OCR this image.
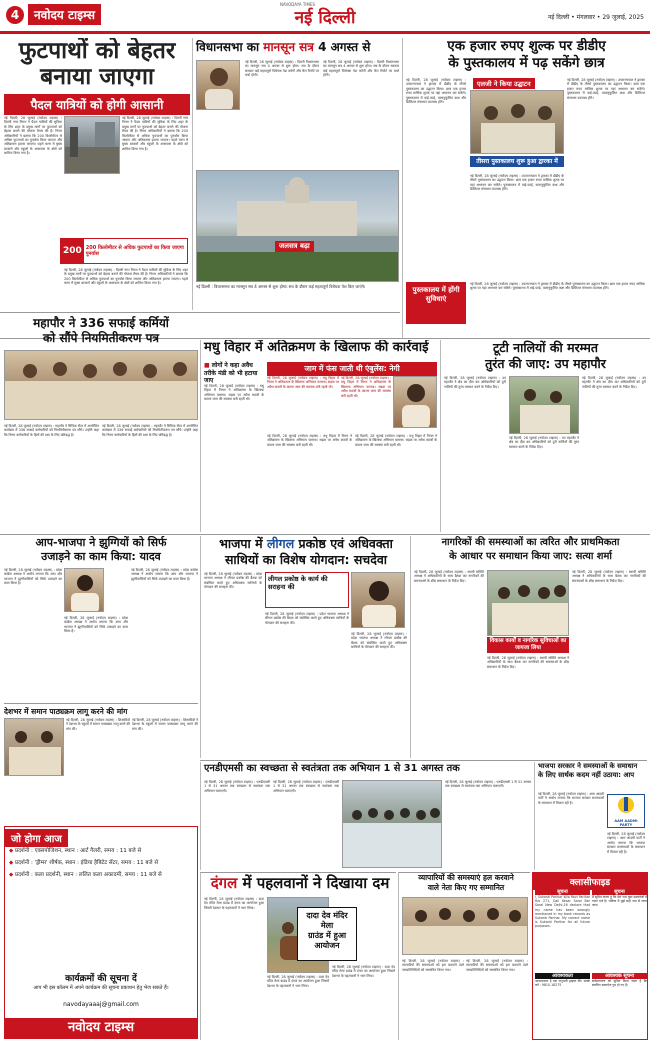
4	नवोदय टाइम्स
NAVODAYA TIMES
नई दिल्ली	नई दिल्ली • मंगलवार • 29 जुलाई, 2025
फुटपाथों को बेहतर बनाया जाएगा
पैदल यात्रियों को होगी आसानी
नई दिल्ली, 28 जुलाई (नवोदय टाइम्स) : दिल्ली नगर निगम ने पैदल यात्रियों की सुविधा के लिए शहर के प्रमुख मार्गों पर फुटपाथों को बेहतर बनाने की योजना तैयार की है। निगम अधिकारियों ने बताया कि 200 किलोमीटर से अधिक फुटपाथों का पुनर्वास किया जाएगा और अतिक्रमण हटाया जाएगा। पहले चरण में मुख्य बाजारों और स्कूलों के आसपास के क्षेत्रों को शामिल किया गया है।
नई दिल्ली, 28 जुलाई (नवोदय टाइम्स) : दिल्ली नगर निगम ने पैदल यात्रियों की सुविधा के लिए शहर के प्रमुख मार्गों पर फुटपाथों को बेहतर बनाने की योजना तैयार की है। निगम अधिकारियों ने बताया कि 200 किलोमीटर से अधिक फुटपाथों का पुनर्वास किया जाएगा और अतिक्रमण हटाया जाएगा। पहले चरण में मुख्य बाजारों और स्कूलों के आसपास के क्षेत्रों को शामिल किया गया है।
200 200 किलोमीटर से अधिक फुटपाथों का किया जाएगा पुनर्वास
नई दिल्ली, 28 जुलाई (नवोदय टाइम्स) : दिल्ली नगर निगम ने पैदल यात्रियों की सुविधा के लिए शहर के प्रमुख मार्गों पर फुटपाथों को बेहतर बनाने की योजना तैयार की है। निगम अधिकारियों ने बताया कि 200 किलोमीटर से अधिक फुटपाथों का पुनर्वास किया जाएगा और अतिक्रमण हटाया जाएगा। पहले चरण में मुख्य बाजारों और स्कूलों के आसपास के क्षेत्रों को शामिल किया गया है।
विधानसभा का मानसून सत्र 4 अगस्त से
नई दिल्ली, 28 जुलाई (नवोदय टाइम्स) : दिल्ली विधानसभा का मानसून सत्र 4 अगस्त से शुरू होगा। सत्र के दौरान सरकार कई महत्वपूर्ण विधेयक पेश करेगी और कैग रिपोर्ट पर चर्चा होगी।
नई दिल्ली, 28 जुलाई (नवोदय टाइम्स) : दिल्ली विधानसभा का मानसून सत्र 4 अगस्त से शुरू होगा। सत्र के दौरान सरकार कई महत्वपूर्ण विधेयक पेश करेगी और कैग रिपोर्ट पर चर्चा होगी।
जलसत्र बढ़ा
नई दिल्ली : विधानसभा का मानसून सत्र 4 अगस्त से शुरू होगा। सत्र के दौरान कई महत्वपूर्ण विधेयक पेश किए जाएंगे।
एक हजार रुपए शुल्क पर डीडीए
के पुस्तकालय में पढ़ सकेंगे छात्र
नई दिल्ली, 28 जुलाई (नवोदय टाइम्स) : उपराज्यपाल ने द्वारका में डीडीए के तीसरे पुस्तकालय का उद्घाटन किया। छात्र एक हजार रुपए मासिक शुल्क पर यहां अध्ययन कर सकेंगे। पुस्तकालय में वाई-फाई, वातानुकूलित कक्ष और डिजिटल संसाधन उपलब्ध होंगे।
एलजी ने किया उद्घाटन
तीसरा पुस्तकालय शुरू हुआ द्वारका में
नई दिल्ली, 28 जुलाई (नवोदय टाइम्स) : उपराज्यपाल ने द्वारका में डीडीए के तीसरे पुस्तकालय का उद्घाटन किया। छात्र एक हजार रुपए मासिक शुल्क पर यहां अध्ययन कर सकेंगे। पुस्तकालय में वाई-फाई, वातानुकूलित कक्ष और डिजिटल संसाधन उपलब्ध होंगे।
नई दिल्ली, 28 जुलाई (नवोदय टाइम्स) : उपराज्यपाल ने द्वारका में डीडीए के तीसरे पुस्तकालय का उद्घाटन किया। छात्र एक हजार रुपए मासिक शुल्क पर यहां अध्ययन कर सकेंगे। पुस्तकालय में वाई-फाई, वातानुकूलित कक्ष और डिजिटल संसाधन उपलब्ध होंगे।
पुस्तकालय में होंगी सुविधाएं
नई दिल्ली, 28 जुलाई (नवोदय टाइम्स) : उपराज्यपाल ने द्वारका में डीडीए के तीसरे पुस्तकालय का उद्घाटन किया। छात्र एक हजार रुपए मासिक शुल्क पर यहां अध्ययन कर सकेंगे। पुस्तकालय में वाई-फाई, वातानुकूलित कक्ष और डिजिटल संसाधन उपलब्ध होंगे।
महापौर ने 336 सफाई कर्मियों
को सौंपे नियमितीकरण पत्र
नई दिल्ली, 28 जुलाई (नवोदय टाइम्स) : महापौर ने सिविक सेंटर में आयोजित कार्यक्रम में 336 सफाई कर्मचारियों को नियमितीकरण पत्र सौंपे। उन्होंने कहा कि निगम कर्मचारियों के हितों की रक्षा के लिए प्रतिबद्ध है।
नई दिल्ली, 28 जुलाई (नवोदय टाइम्स) : महापौर ने सिविक सेंटर में आयोजित कार्यक्रम में 336 सफाई कर्मचारियों को नियमितीकरण पत्र सौंपे। उन्होंने कहा कि निगम कर्मचारियों के हितों की रक्षा के लिए प्रतिबद्ध है।
मधु विहार में अतिक्रमण के खिलाफ की कार्रवाई
■ लोगों ने कहा अवैध तरीके मंडी को भी हटाया जाए
नई दिल्ली, 28 जुलाई (नवोदय टाइम्स) : मधु विहार में निगम ने अतिक्रमण के खिलाफ अभियान चलाया। सड़क पर अवैध कब्जों के कारण जाम की समस्या बनी रहती थी।
जाम में फंस जाती थी एंबुलेंस: नेगी
नई दिल्ली, 28 जुलाई (नवोदय टाइम्स) : मधु विहार में निगम ने अतिक्रमण के खिलाफ अभियान चलाया। सड़क पर अवैध कब्जों के कारण जाम की समस्या बनी रहती थी।
नई दिल्ली, 28 जुलाई (नवोदय टाइम्स) : मधु विहार में निगम ने अतिक्रमण के खिलाफ अभियान चलाया। सड़क पर अवैध कब्जों के कारण जाम की समस्या बनी रहती थी।
नई दिल्ली, 28 जुलाई (नवोदय टाइम्स) : मधु विहार में निगम ने अतिक्रमण के खिलाफ अभियान चलाया। सड़क पर अवैध कब्जों के कारण जाम की समस्या बनी रहती थी।
नई दिल्ली, 28 जुलाई (नवोदय टाइम्स) : मधु विहार में निगम ने अतिक्रमण के खिलाफ अभियान चलाया। सड़क पर अवैध कब्जों के कारण जाम की समस्या बनी रहती थी।
टूटी नालियों की मरम्मत
तुरंत की जाए: उप महापौर
नई दिल्ली, 28 जुलाई (नवोदय टाइम्स) : उप महापौर ने क्षेत्र का दौरा कर अधिकारियों को टूटी नालियों की तुरंत मरम्मत करने के निर्देश दिए।
नई दिल्ली, 28 जुलाई (नवोदय टाइम्स) : उप महापौर ने क्षेत्र का दौरा कर अधिकारियों को टूटी नालियों की तुरंत मरम्मत करने के निर्देश दिए।
नई दिल्ली, 28 जुलाई (नवोदय टाइम्स) : उप महापौर ने क्षेत्र का दौरा कर अधिकारियों को टूटी नालियों की तुरंत मरम्मत करने के निर्देश दिए।
भाजपा में लीगल प्रकोष्ठ एवं अधिवक्ता
साथियों का विशेष योगदान: सचदेवा
नई दिल्ली, 28 जुलाई (नवोदय टाइम्स) : प्रदेश भाजपा अध्यक्ष ने लीगल प्रकोष्ठ की बैठक को संबोधित करते हुए अधिवक्ता साथियों के योगदान की सराहना की।
लीगल प्रकोष्ठ के कार्य की सराहना की
नई दिल्ली, 28 जुलाई (नवोदय टाइम्स) : प्रदेश भाजपा अध्यक्ष ने लीगल प्रकोष्ठ की बैठक को संबोधित करते हुए अधिवक्ता साथियों के योगदान की सराहना की।
नई दिल्ली, 28 जुलाई (नवोदय टाइम्स) : प्रदेश भाजपा अध्यक्ष ने लीगल प्रकोष्ठ की बैठक को संबोधित करते हुए अधिवक्ता साथियों के योगदान की सराहना की।
आप-भाजपा ने झुग्गियों को सिर्फ
उजाड़ने का काम किया: यादव
नई दिल्ली, 28 जुलाई (नवोदय टाइम्स) : प्रदेश कांग्रेस अध्यक्ष ने आरोप लगाया कि आप और भाजपा ने झुग्गीवासियों को सिर्फ उजाड़ने का काम किया है।
नई दिल्ली, 28 जुलाई (नवोदय टाइम्स) : प्रदेश कांग्रेस अध्यक्ष ने आरोप लगाया कि आप और भाजपा ने झुग्गीवासियों को सिर्फ उजाड़ने का काम किया है।
नई दिल्ली, 28 जुलाई (नवोदय टाइम्स) : प्रदेश कांग्रेस अध्यक्ष ने आरोप लगाया कि आप और भाजपा ने झुग्गीवासियों को सिर्फ उजाड़ने का काम किया है।
देशभर में समान पाठ्यक्रम लागू करने की मांग
नई दिल्ली, 28 जुलाई (नवोदय टाइम्स) : शिक्षाविदों ने देशभर के स्कूलों में समान पाठ्यक्रम लागू करने की मांग की।
नई दिल्ली, 28 जुलाई (नवोदय टाइम्स) : शिक्षाविदों ने देशभर के स्कूलों में समान पाठ्यक्रम लागू करने की मांग की।
नागरिकों की समस्याओं का त्वरित और प्राथमिकता
के आधार पर समाधान किया जाए: सत्या शर्मा
नई दिल्ली, 28 जुलाई (नवोदय टाइम्स) : स्थायी समिति अध्यक्ष ने अधिकारियों के साथ बैठक कर नागरिकों की समस्याओं के शीघ्र समाधान के निर्देश दिए।
विकास कार्यों व नागरिक सुविधाओं का जायजा लिया
नई दिल्ली, 28 जुलाई (नवोदय टाइम्स) : स्थायी समिति अध्यक्ष ने अधिकारियों के साथ बैठक कर नागरिकों की समस्याओं के शीघ्र समाधान के निर्देश दिए।
नई दिल्ली, 28 जुलाई (नवोदय टाइम्स) : स्थायी समिति अध्यक्ष ने अधिकारियों के साथ बैठक कर नागरिकों की समस्याओं के शीघ्र समाधान के निर्देश दिए।
एनडीएमसी का स्वच्छता से स्वतंत्रता तक अभियान 1 से 31 अगस्त तक
नई दिल्ली, 28 जुलाई (नवोदय टाइम्स) : एनडीएमसी 1 से 31 अगस्त तक स्वच्छता से स्वतंत्रता तक अभियान चलाएगी।
नई दिल्ली, 28 जुलाई (नवोदय टाइम्स) : एनडीएमसी 1 से 31 अगस्त तक स्वच्छता से स्वतंत्रता तक अभियान चलाएगी।
नई दिल्ली, 28 जुलाई (नवोदय टाइम्स) : एनडीएमसी 1 से 31 अगस्त तक स्वच्छता से स्वतंत्रता तक अभियान चलाएगी।
भाजपा सरकार ने समस्याओं के समाधान
के लिए सार्थक कदम नहीं उठाया: आप
नई दिल्ली, 28 जुलाई (नवोदय टाइम्स) : आम आदमी पार्टी ने आरोप लगाया कि भाजपा सरकार समस्याओं के समाधान में विफल रही है।
AAM AADMI PARTY
नई दिल्ली, 28 जुलाई (नवोदय टाइम्स) : आम आदमी पार्टी ने आरोप लगाया कि भाजपा सरकार समस्याओं के समाधान में विफल रही है।
जो होगा आज
◆ प्रदर्शनी : एक्सपोजिशन, स्थान : आर्ट गैलरी, समय : 11 बजे से
◆ प्रदर्शनी : 'ड्रीम्स' शीर्षक, स्थान : इंडिया हैबिटेट सेंटर, समय : 11 बजे से
◆ प्रदर्शनी : कला प्रदर्शनी, स्थान : ललित कला अकादमी, समय : 11 बजे से
कार्यक्रमों की सूचना दें
आप भी इस कॉलम में अपने कार्यक्रम की सूचना प्रकाशन हेतु भेज सकते हैं।
navodayaaaj@gmail.com
नवोदय टाइम्स
दंगल में पहलवानों ने दिखाया दम
नई दिल्ली, 28 जुलाई (नवोदय टाइम्स) : दादा देव मंदिर मेला ग्राउंड में दंगल का आयोजन हुआ जिसमें देशभर के पहलवानों ने भाग लिया।
दादा देव मंदिर मेला
ग्राउंड में हुआ आयोजन
नई दिल्ली, 28 जुलाई (नवोदय टाइम्स) : दादा देव मंदिर मेला ग्राउंड में दंगल का आयोजन हुआ जिसमें देशभर के पहलवानों ने भाग लिया।
नई दिल्ली, 28 जुलाई (नवोदय टाइम्स) : दादा देव मंदिर मेला ग्राउंड में दंगल का आयोजन हुआ जिसमें देशभर के पहलवानों ने भाग लिया।
व्यापारियों की समस्याएं हल करवाने
वाले नेता किए गए सम्मानित
नई दिल्ली, 28 जुलाई (नवोदय टाइम्स) : व्यापारियों की समस्याओं को हल करवाने वाले जनप्रतिनिधियों को सम्मानित किया गया।
नई दिल्ली, 28 जुलाई (नवोदय टाइम्स) : व्यापारियों की समस्याओं को हल करवाने वाले जनप्रतिनिधियों को सम्मानित किया गया।
क्लासीफाइड
सूचना
I, Sukanti Parihar W/o Ravi Parihar R/o 271, Gali Kesar Sarai Ber Sarai New Delhi-16 declare that my name has been wrongly mentioned in my bank records as Sukanti Parihar. My correct name is Sukanti Parihar for all future purposes.
सूचना
मैं सूचित करता हूं कि मेरा नाम कुछ दस्तावेजों में गलत दर्ज है। भविष्य में मुझे सही नाम से जाना जाए।
आवश्यकता
आवश्यकता है एक अनुभवी ड्राइवर की। संपर्क करें : 9810-16275
आवश्यक सूचना
सर्वसाधारण को सूचित किया जाता है कि संबंधित दस्तावेज गुम हो गए हैं।
